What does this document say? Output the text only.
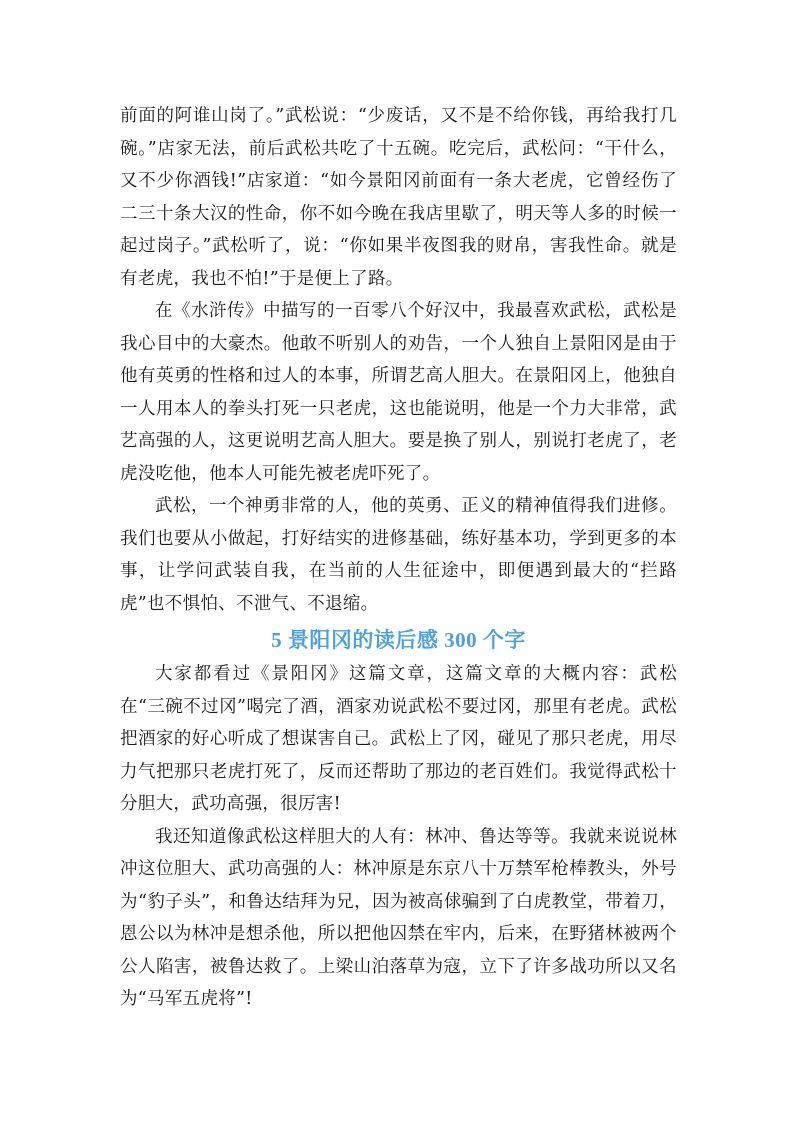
前面的阿谁山岗了。”武松说：“少废话，又不是不给你钱，再给我打几碗。”店家无法，前后武松共吃了十五碗。吃完后，武松问：“干什么，又不少你酒钱!”店家道：“如今景阳冈前面有一条大老虎，它曾经伤了二三十条大汉的性命，你不如今晚在我店里歇了，明天等人多的时候一起过岗子。”武松听了，说：“你如果半夜图我的财帛，害我性命。就是有老虎，我也不怕!”于是便上了路。

在《水浒传》中描写的一百零八个好汉中，我最喜欢武松，武松是我心目中的大豪杰。他敢不听别人的劝告，一个人独自上景阳冈是由于他有英勇的性格和过人的本事，所谓艺高人胆大。在景阳冈上，他独自一人用本人的拳头打死一只老虎，这也能说明，他是一个力大非常，武艺高强的人，这更说明艺高人胆大。要是换了别人，别说打老虎了，老虎没吃他，他本人可能先被老虎吓死了。

武松，一个神勇非常的人，他的英勇、正义的精神值得我们进修。我们也要从小做起，打好结实的进修基础，练好基本功，学到更多的本事，让学问武装自我，在当前的人生征途中，即便遇到最大的“拦路虎”也不惧怕、不泄气、不退缩。

5 景阳冈的读后感 300 个字

大家都看过《景阳冈》这篇文章，这篇文章的大概内容：武松在“三碗不过冈”喝完了酒，酒家劝说武松不要过冈，那里有老虎。武松把酒家的好心听成了想谋害自己。武松上了冈，碰见了那只老虎，用尽力气把那只老虎打死了，反而还帮助了那边的老百姓们。我觉得武松十分胆大，武功高强，很厉害!

我还知道像武松这样胆大的人有：林冲、鲁达等等。我就来说说林冲这位胆大、武功高强的人：林冲原是东京八十万禁军枪棒教头，外号为“豹子头”，和鲁达结拜为兄，因为被高俅骗到了白虎教堂，带着刀，恩公以为林冲是想杀他，所以把他囚禁在牢内，后来，在野猪林被两个公人陷害，被鲁达救了。上梁山泊落草为寇，立下了许多战功所以又名为“马军五虎将”!
